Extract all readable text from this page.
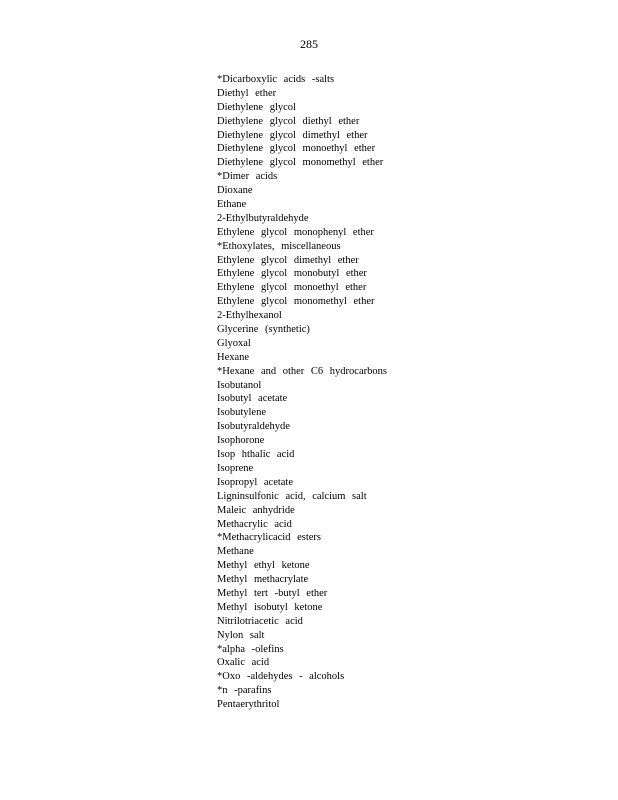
285
*Dicarboxylic acids -salts
Diethyl ether
Diethylene glycol
Diethylene glycol diethyl ether
Diethylene glycol dimethyl ether
Diethylene glycol monoethyl ether
Diethylene glycol monomethyl ether
*Dimer acids
Dioxane
Ethane
2-Ethylbutyraldehyde
Ethylene glycol monophenyl ether
*Ethoxylates, miscellaneous
Ethylene glycol dimethyl ether
Ethylene glycol monobutyl ether
Ethylene glycol monoethyl ether
Ethylene glycol monomethyl ether
2-Ethylhexanol
Glycerine (synthetic)
Glyoxal
Hexane
*Hexane and other C6 hydrocarbons
Isobutanol
Isobutyl acetate
Isobutylene
Isobutyraldehyde
Isophorone
Isop hthalic acid
Isoprene
Isopropyl acetate
Ligninsulfonic acid, calcium salt
Maleic anhydride
Methacrylic acid
*Methacrylicacid esters
Methane
Methyl ethyl ketone
Methyl methacrylate
Methyl tert -butyl ether
Methyl isobutyl ketone
Nitrilotriacetic acid
Nylon salt
*alpha -olefins
Oxalic acid
*Oxo -aldehydes - alcohols
*n -parafins
Pentaerythritol
